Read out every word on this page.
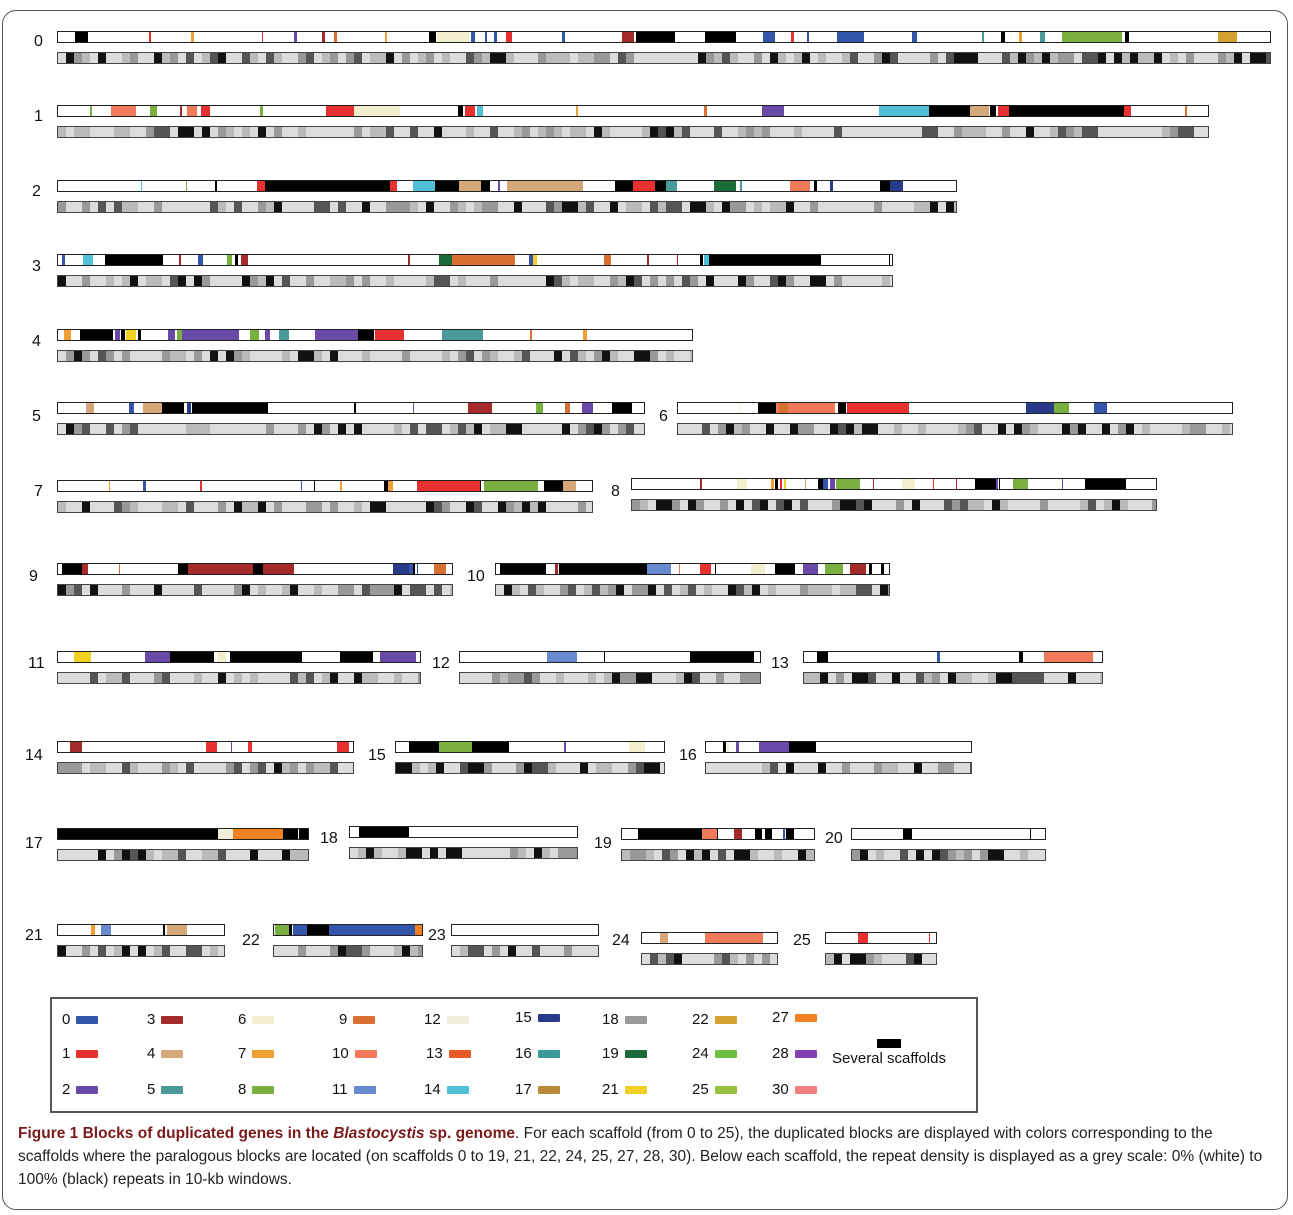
0
1
2
3
4
5	6
7	8
9	10
11	12	13
14	15	16
17	18	19	20
21	22	23	24	25
0
1
2
3
4
5
6
7
8
9
10
11
12
13
14
15
16
17
18
19
21
22
24
25
27
28
30
Several scaffolds
Figure 1 Blocks of duplicated genes in the Blastocystis sp. genome. For each scaffold (from 0 to 25), the duplicated blocks are displayed with colors corresponding to the scaffolds where the paralogous blocks are located (on scaffolds 0 to 19, 21, 22, 24, 25, 27, 28, 30). Below each scaffold, the repeat density is displayed as a grey scale: 0% (white) to 100% (black) repeats in 10-kb windows.
